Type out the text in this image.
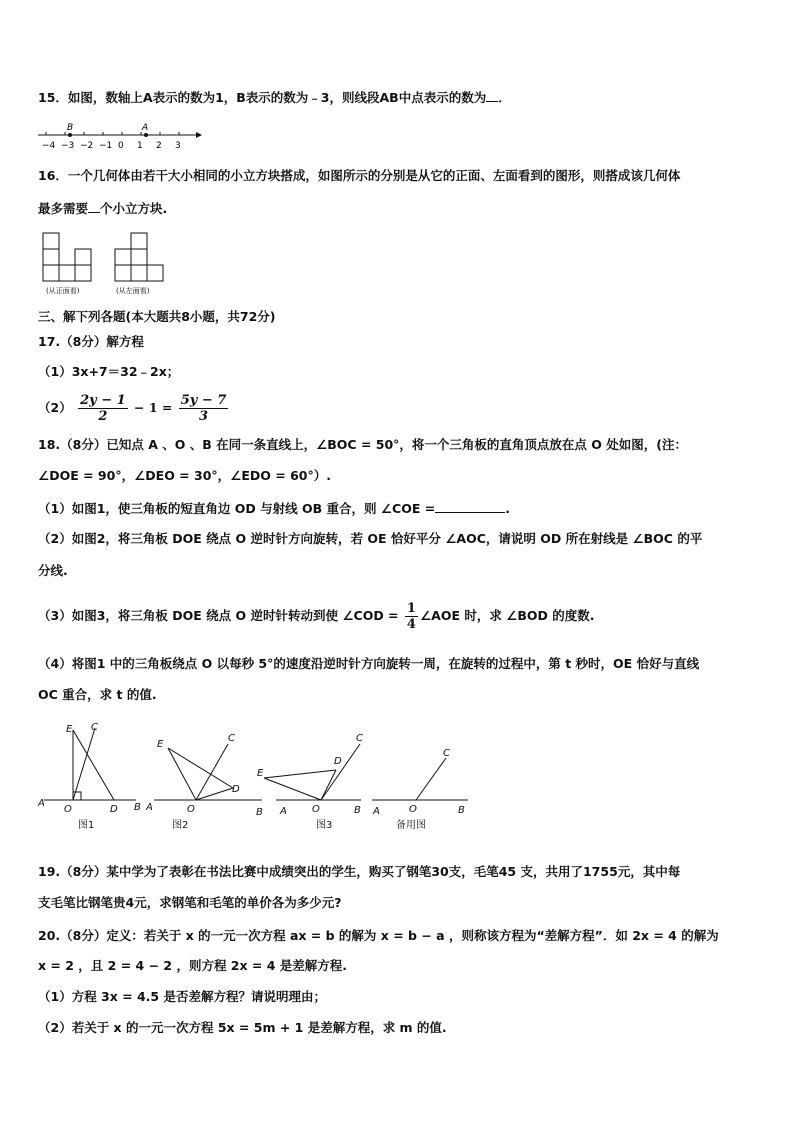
15．如图，数轴上A表示的数为1，B表示的数为﹣3，则线段AB中点表示的数为 ．
−4 −3 −2 −1 0 1 2 3
B	A
16．一个几何体由若干大小相同的小立方块搭成，如图所示的分别是从它的正面、左面看到的图形，则搭成该几何体
最多需要 个小立方块.
(从正面看)	(从左面看)
三、解下列各题(本大题共8小题，共72分)
17.（8分）解方程
（1）3x+7＝32﹣2x；
$(2) \frac{2y - 1}{2} - 1 = \frac{5y - 7}{3}$
18.（8分）已知点 A 、O 、B 在同一条直线上，∠BOC = 50°，将一个三角板的直角顶点放在点 O 处如图，(注：
∠DOE = 90°，∠DEO = 30°，∠EDO = 60°）.
（1）如图1，使三角板的短直角边 OD 与射线 OB 重合，则 ∠COE =	.
（2）如图2，将三角板 DOE 绕点 O 逆时针方向旋转，若 OE 恰好平分 ∠AOC，请说明 OD 所在射线是 ∠BOC 的平
分线.
（3）如图3，将三角板 DOE 绕点 O 逆时针转动到使 ∠COD = $\frac{1}{4}$ ∠AOE 时，求 ∠BOD 的度数.
（4）将图1 中的三角板绕点 O 以每秒 5°的速度沿逆时针方向旋转一周，在旋转的过程中，第 t 秒时，OE 恰好与直线
OC 重合，求 t 的值.
E C
A
O	D B
E
C
A	O
D
B
E
C
A	O
D
B
C
A	O	B
图1	图2	图3	备用图
19.（8分）某中学为了表彰在书法比赛中成绩突出的学生，购买了钢笔30支，毛笔45 支，共用了1755元，其中每
支毛笔比钢笔贵4元，求钢笔和毛笔的单价各为多少元?
20.（8分）定义：若关于 x 的一元一次方程 ax = b 的解为 x = b − a ，则称该方程为“差解方程”．如 2x = 4 的解为
x = 2 ，且 2 = 4 − 2 ，则方程 2x = 4 是差解方程.
（1）方程 3x = 4.5 是否差解方程？请说明理由；
（2）若关于 x 的一元一次方程 5x = 5m + 1 是差解方程，求 m 的值.
